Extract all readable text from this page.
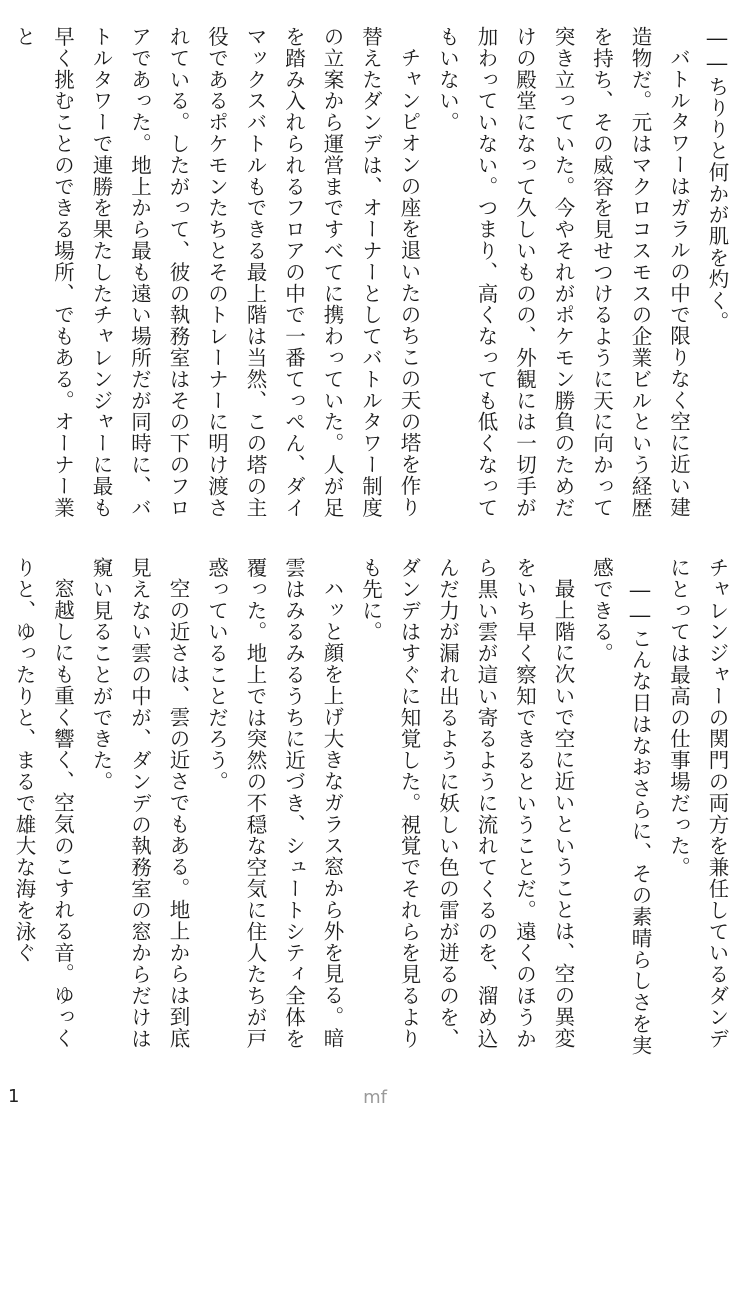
――ちりりと何かが肌を灼く。

バトルタワーはガラルの中で限りなく空に近い建造物だ。元はマクロコスモスの企業ビルという経歴を持ち、その威容を見せつけるように天に向かって突き立っていた。今やそれがポケモン勝負のためだけの殿堂になって久しいものの、外観には一切手が加わっていない。つまり、高くなっても低くなってもいない。

チャンピオンの座を退いたのちこの天の塔を作り替えたダンデは、オーナーとしてバトルタワー制度の立案から運営まですべてに携わっていた。人が足を踏み入れられるフロアの中で一番てっぺん、ダイマックスバトルもできる最上階は当然、この塔の主役であるポケモンたちとそのトレーナーに明け渡されている。したがって、彼の執務室はその下のフロアであった。地上から最も遠い場所だが同時に、バトルタワーで連勝を果たしたチャレンジャーに最も早く挑むことのできる場所、でもある。オーナー業と

チャレンジャーの関門の両方を兼任しているダンデにとっては最高の仕事場だった。

――こんな日はなおさらに、その素晴らしさを実感できる。

最上階に次いで空に近いということは、空の異変をいち早く察知できるということだ。遠くのほうから黒い雲が這い寄るように流れてくるのを、溜め込んだ力が漏れ出るように妖しい色の雷が迸るのを、ダンデはすぐに知覚した。視覚でそれらを見るよりも先に。

ハッと顔を上げ大きなガラス窓から外を見る。暗雲はみるみるうちに近づき、シュートシティ全体を覆った。地上では突然の不穏な空気に住人たちが戸惑っていることだろう。

空の近さは、雲の近さでもある。地上からは到底見えない雲の中が、ダンデの執務室の窓からだけは窺い見ることができた。

窓越しにも重く響く、空気のこすれる音。ゆっくりと、ゆったりと、まるで雄大な海を泳ぐ

1	mf
